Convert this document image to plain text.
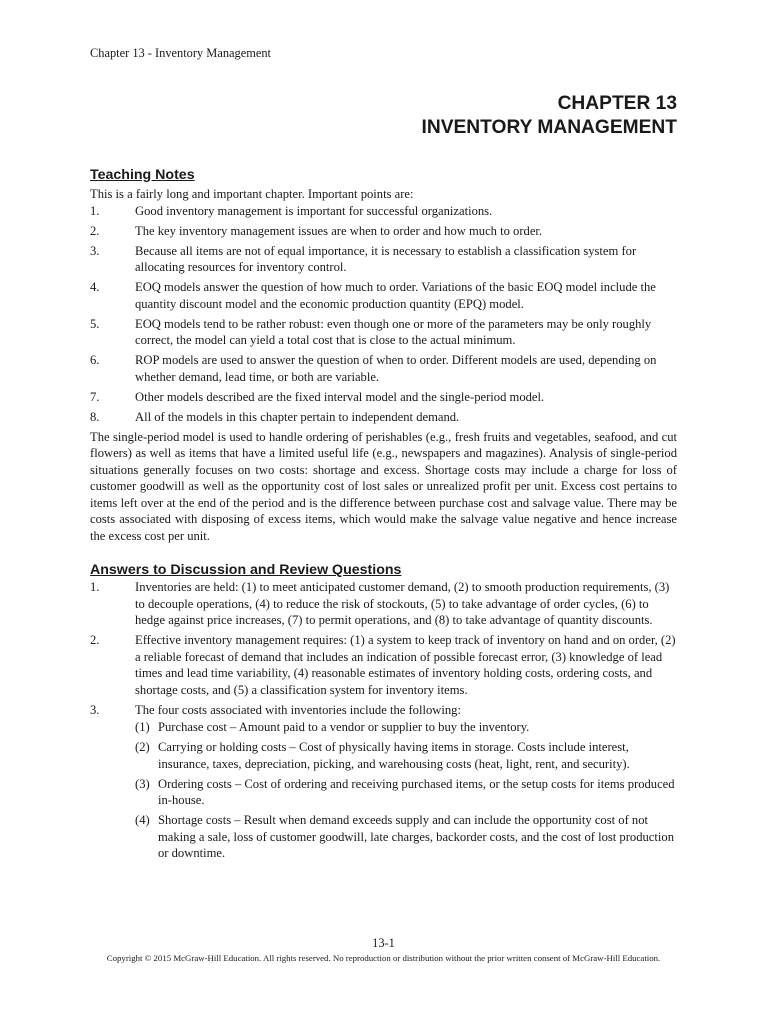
Chapter 13 - Inventory Management

CHAPTER 13
INVENTORY MANAGEMENT
Teaching Notes

This is a fairly long and important chapter. Important points are:

1.	Good inventory management is important for successful organizations.
2.	The key inventory management issues are when to order and how much to order.
3.	Because all items are not of equal importance, it is necessary to establish a classification system for allocating resources for inventory control.
4.	EOQ models answer the question of how much to order. Variations of the basic EOQ model include the quantity discount model and the economic production quantity (EPQ) model.
5.	EOQ models tend to be rather robust: even though one or more of the parameters may be only roughly correct, the model can yield a total cost that is close to the actual minimum.
6.	ROP models are used to answer the question of when to order. Different models are used, depending on whether demand, lead time, or both are variable.
7.	Other models described are the fixed interval model and the single-period model.
8.	All of the models in this chapter pertain to independent demand.

The single-period model is used to handle ordering of perishables (e.g., fresh fruits and vegetables, seafood, and cut flowers) as well as items that have a limited useful life (e.g., newspapers and magazines). Analysis of single-period situations generally focuses on two costs: shortage and excess. Shortage costs may include a charge for loss of customer goodwill as well as the opportunity cost of lost sales or unrealized profit per unit. Excess cost pertains to items left over at the end of the period and is the difference between purchase cost and salvage value. There may be costs associated with disposing of excess items, which would make the salvage value negative and hence increase the excess cost per unit.

Answers to Discussion and Review Questions
1.	Inventories are held: (1) to meet anticipated customer demand, (2) to smooth production requirements, (3) to decouple operations, (4) to reduce the risk of stockouts, (5) to take advantage of order cycles, (6) to hedge against price increases, (7) to permit operations, and (8) to take advantage of quantity discounts.
2.	Effective inventory management requires: (1) a system to keep track of inventory on hand and on order, (2) a reliable forecast of demand that includes an indication of possible forecast error, (3) knowledge of lead times and lead time variability, (4) reasonable estimates of inventory holding costs, ordering costs, and shortage costs, and (5) a classification system for inventory items.
3.	The four costs associated with inventories include the following:
(1) Purchase cost – Amount paid to a vendor or supplier to buy the inventory.
(2) Carrying or holding costs – Cost of physically having items in storage. Costs include interest, insurance, taxes, depreciation, picking, and warehousing costs (heat, light, rent, and security).
(3) Ordering costs – Cost of ordering and receiving purchased items, or the setup costs for items produced in-house.
(4) Shortage costs – Result when demand exceeds supply and can include the opportunity cost of not making a sale, loss of customer goodwill, late charges, backorder costs, and the cost of lost production or downtime.
13-1
Copyright © 2015 McGraw-Hill Education. All rights reserved. No reproduction or distribution without the prior written consent of McGraw-Hill Education.
